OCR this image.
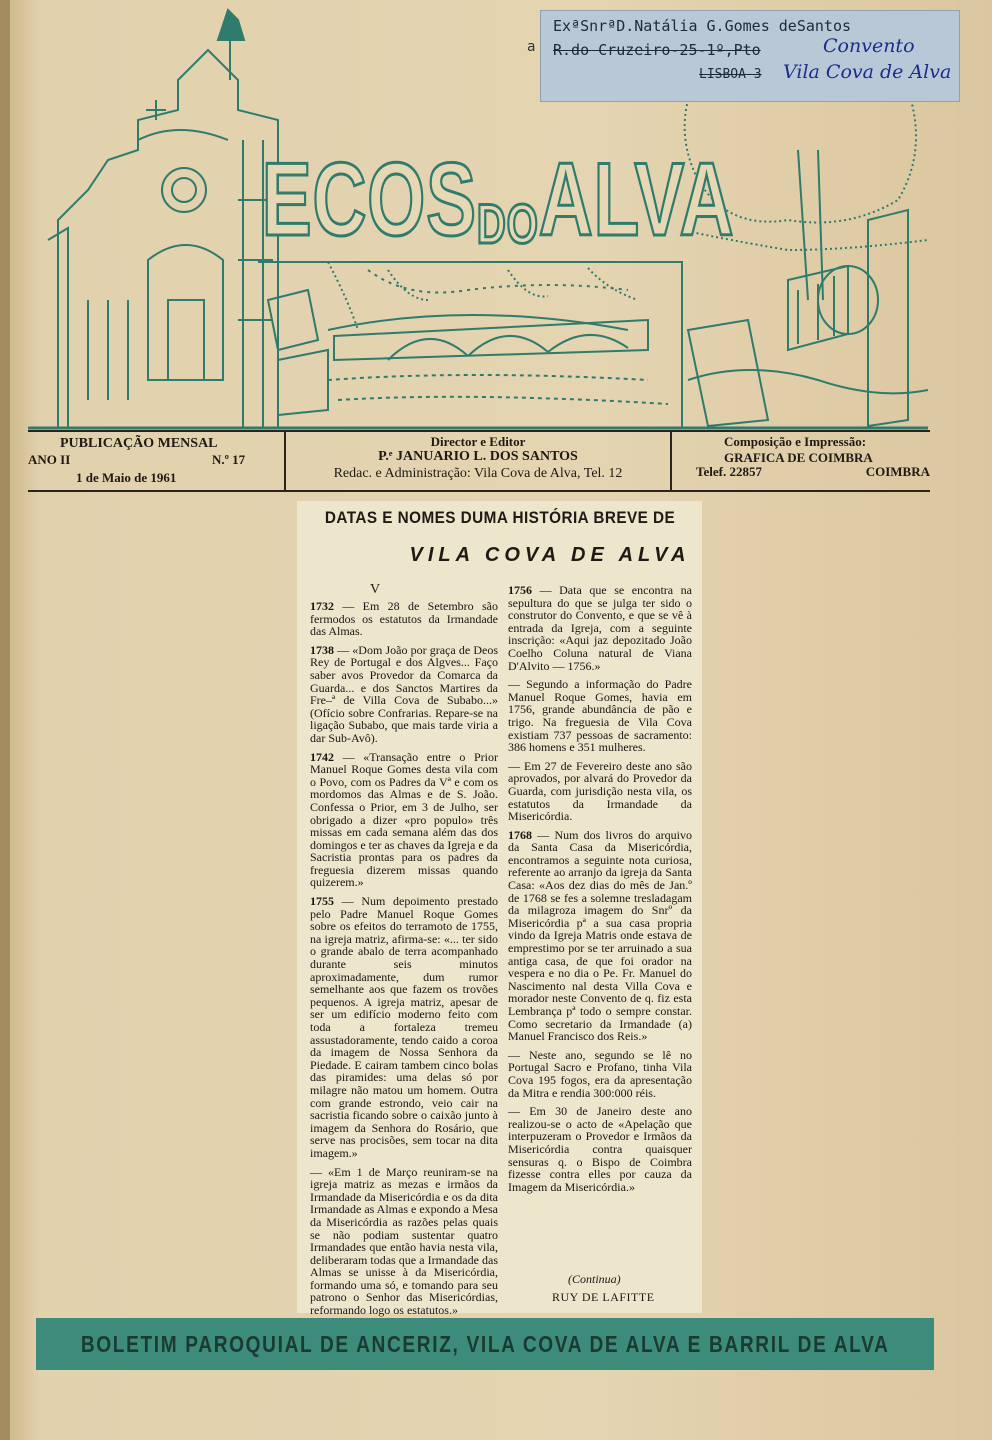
ECOS DO ALVA
a
ExªSnrªD.Natália G.Gomes deSantos
R.do Cruzeiro-25-1º,Pto
LISBOA-3
Convento
Vila Cova de Alva
PUBLICAÇÃO MENSAL
ANO II	N.º 17
1 de Maio de 1961
Director e Editor
P.ᵉ JANUARIO L. DOS SANTOS
Redac. e Administração: Vila Cova de Alva, Tel. 12
Composição e Impressão:
GRAFICA DE COIMBRA
Telef. 22857	COIMBRA
DATAS E NOMES DUMA HISTÓRIA BREVE DE
VILA COVA DE ALVA
V

1732 — Em 28 de Setembro são fermodos os estatutos da Irmandade das Almas.

1738 — «Dom João por graça de Deos Rey de Portugal e dos Algves... Faço saber avos Provedor da Comarca da Guarda... e dos Sanctos Martires da Fre–ª de Villa Cova de Subabo...» (Ofício sobre Confrarias. Repare-se na ligação Subabo, que mais tarde viria a dar Sub-Avô).

1742 — «Transação entre o Prior Manuel Roque Gomes desta vila com o Povo, com os Padres da Vª e com os mordomos das Almas e de S. João. Confessa o Prior, em 3 de Julho, ser obrigado a dizer «pro populo» três missas em cada semana além das dos domingos e ter as chaves da Igreja e da Sacristia prontas para os padres da freguesia dizerem missas quando quizerem.»

1755 — Num depoimento prestado pelo Padre Manuel Roque Gomes sobre os efeitos do terramoto de 1755, na igreja matriz, afirma-se: «... ter sido o grande abalo de terra acompanhado durante seis minutos aproximadamente, dum rumor semelhante aos que fazem os trovões pequenos. A igreja matriz, apesar de ser um edifício moderno feito com toda a fortaleza tremeu assustadoramente, tendo caido a coroa da imagem de Nossa Senhora da Piedade. E cairam tambem cinco bolas das piramides: uma delas só por milagre não matou um homem. Outra com grande estrondo, veio cair na sacristia ficando sobre o caixão junto à imagem da Senhora do Rosário, que serve nas procisões, sem tocar na dita imagem.»

— «Em 1 de Março reuniram-se na igreja matriz as mezas e irmãos da Irmandade da Misericórdia e os da dita Irmandade as Almas e expondo a Mesa da Misericórdia as razões pelas quais se não podiam sustentar quatro Irmandades que então havia nesta vila, deliberaram todas que a Irmandade das Almas se unisse à da Misericórdia, formando uma só, e tomando para seu patrono o Senhor das Misericórdias, reformando logo os estatutos.»

1756 — Data que se encontra na sepultura do que se julga ter sido o construtor do Convento, e que se vê à entrada da Igreja, com a seguinte inscrição: «Aqui jaz depozitado João Coelho Coluna natural de Viana D'Alvito — 1756.»

— Segundo a informação do Padre Manuel Roque Gomes, havia em 1756, grande abundância de pão e trigo. Na freguesia de Vila Cova existiam 737 pessoas de sacramento: 386 homens e 351 mulheres.

— Em 27 de Fevereiro deste ano são aprovados, por alvará do Provedor da Guarda, com jurisdição nesta vila, os estatutos da Irmandade da Misericórdia.

1768 — Num dos livros do arquivo da Santa Casa da Misericórdia, encontramos a seguinte nota curiosa, referente ao arranjo da igreja da Santa Casa: «Aos dez dias do mês de Jan.º de 1768 se fes a solemne tresladagam da milagroza imagem do Snrº da Misericórdia pª a sua casa propria vindo da Igreja Matris onde estava de emprestimo por se ter arruinado a sua antiga casa, de que foi orador na vespera e no dia o Pe. Fr. Manuel do Nascimento nal desta Villa Cova e morador neste Convento de q. fiz esta Lembrança pª todo o sempre constar. Como secretario da Irmandade (a) Manuel Francisco dos Reis.»

— Neste ano, segundo se lê no Portugal Sacro e Profano, tinha Vila Cova 195 fogos, era da apresentação da Mitra e rendia 300:000 réis.

— Em 30 de Janeiro deste ano realizou-se o acto de «Apelação que interpuzeram o Provedor e Irmãos da Misericórdia contra quaisquer sensuras q. o Bispo de Coimbra fizesse contra elles por cauza da Imagem da Misericórdia.»

(Continua)
RUY DE LAFITTE
BOLETIM PAROQUIAL DE ANCERIZ, VILA COVA DE ALVA E BARRIL DE ALVA
